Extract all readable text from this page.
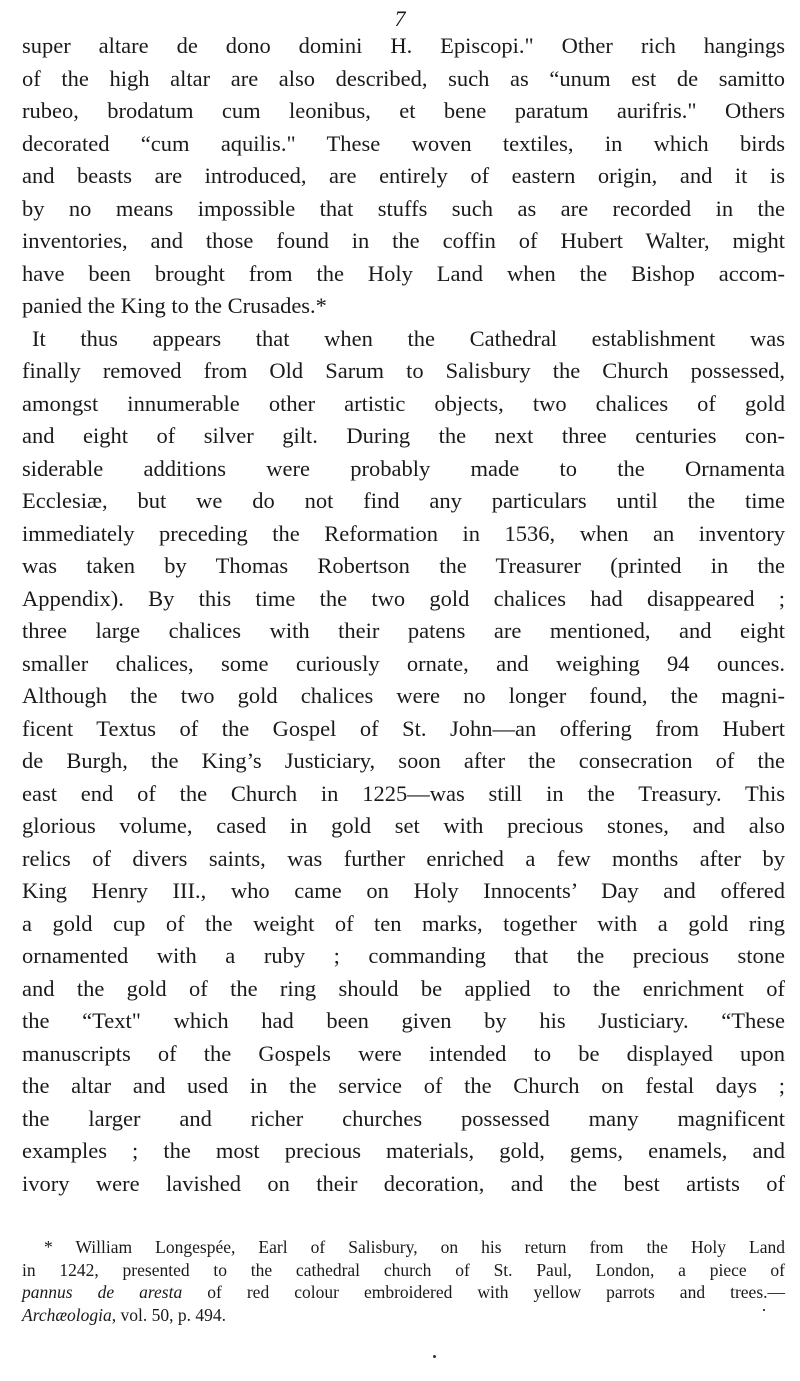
7
super altare de dono domini H. Episcopi." Other rich hangings
of the high altar are also described, such as “unum est de samitto
rubeo, brodatum cum leonibus, et bene paratum aurifris." Others
decorated “cum aquilis." These woven textiles, in which birds
and beasts are introduced, are entirely of eastern origin, and it is
by no means impossible that stuffs such as are recorded in the
inventories, and those found in the coffin of Hubert Walter, might
have been brought from the Holy Land when the Bishop accom-
panied the King to the Crusades.*
It thus appears that when the Cathedral establishment was
finally removed from Old Sarum to Salisbury the Church possessed,
amongst innumerable other artistic objects, two chalices of gold
and eight of silver gilt. During the next three centuries con-
siderable additions were probably made to the Ornamenta
Ecclesiæ, but we do not find any particulars until the time
immediately preceding the Reformation in 1536, when an inventory
was taken by Thomas Robertson the Treasurer (printed in the
Appendix). By this time the two gold chalices had disappeared ;
three large chalices with their patens are mentioned, and eight
smaller chalices, some curiously ornate, and weighing 94 ounces.
Although the two gold chalices were no longer found, the magni-
ficent Textus of the Gospel of St. John—an offering from Hubert
de Burgh, the King’s Justiciary, soon after the consecration of the
east end of the Church in 1225—was still in the Treasury. This
glorious volume, cased in gold set with precious stones, and also
relics of divers saints, was further enriched a few months after by
King Henry III., who came on Holy Innocents’ Day and offered
a gold cup of the weight of ten marks, together with a gold ring
ornamented with a ruby ; commanding that the precious stone
and the gold of the ring should be applied to the enrichment of
the “Text" which had been given by his Justiciary. “These
manuscripts of the Gospels were intended to be displayed upon
the altar and used in the service of the Church on festal days ;
the larger and richer churches possessed many magnificent
examples ; the most precious materials, gold, gems, enamels, and
ivory were lavished on their decoration, and the best artists of
* William Longespée, Earl of Salisbury, on his return from the Holy Land
in 1242, presented to the cathedral church of St. Paul, London, a piece of
pannus de aresta of red colour embroidered with yellow parrots and trees.—
Archæologia, vol. 50, p. 494.
